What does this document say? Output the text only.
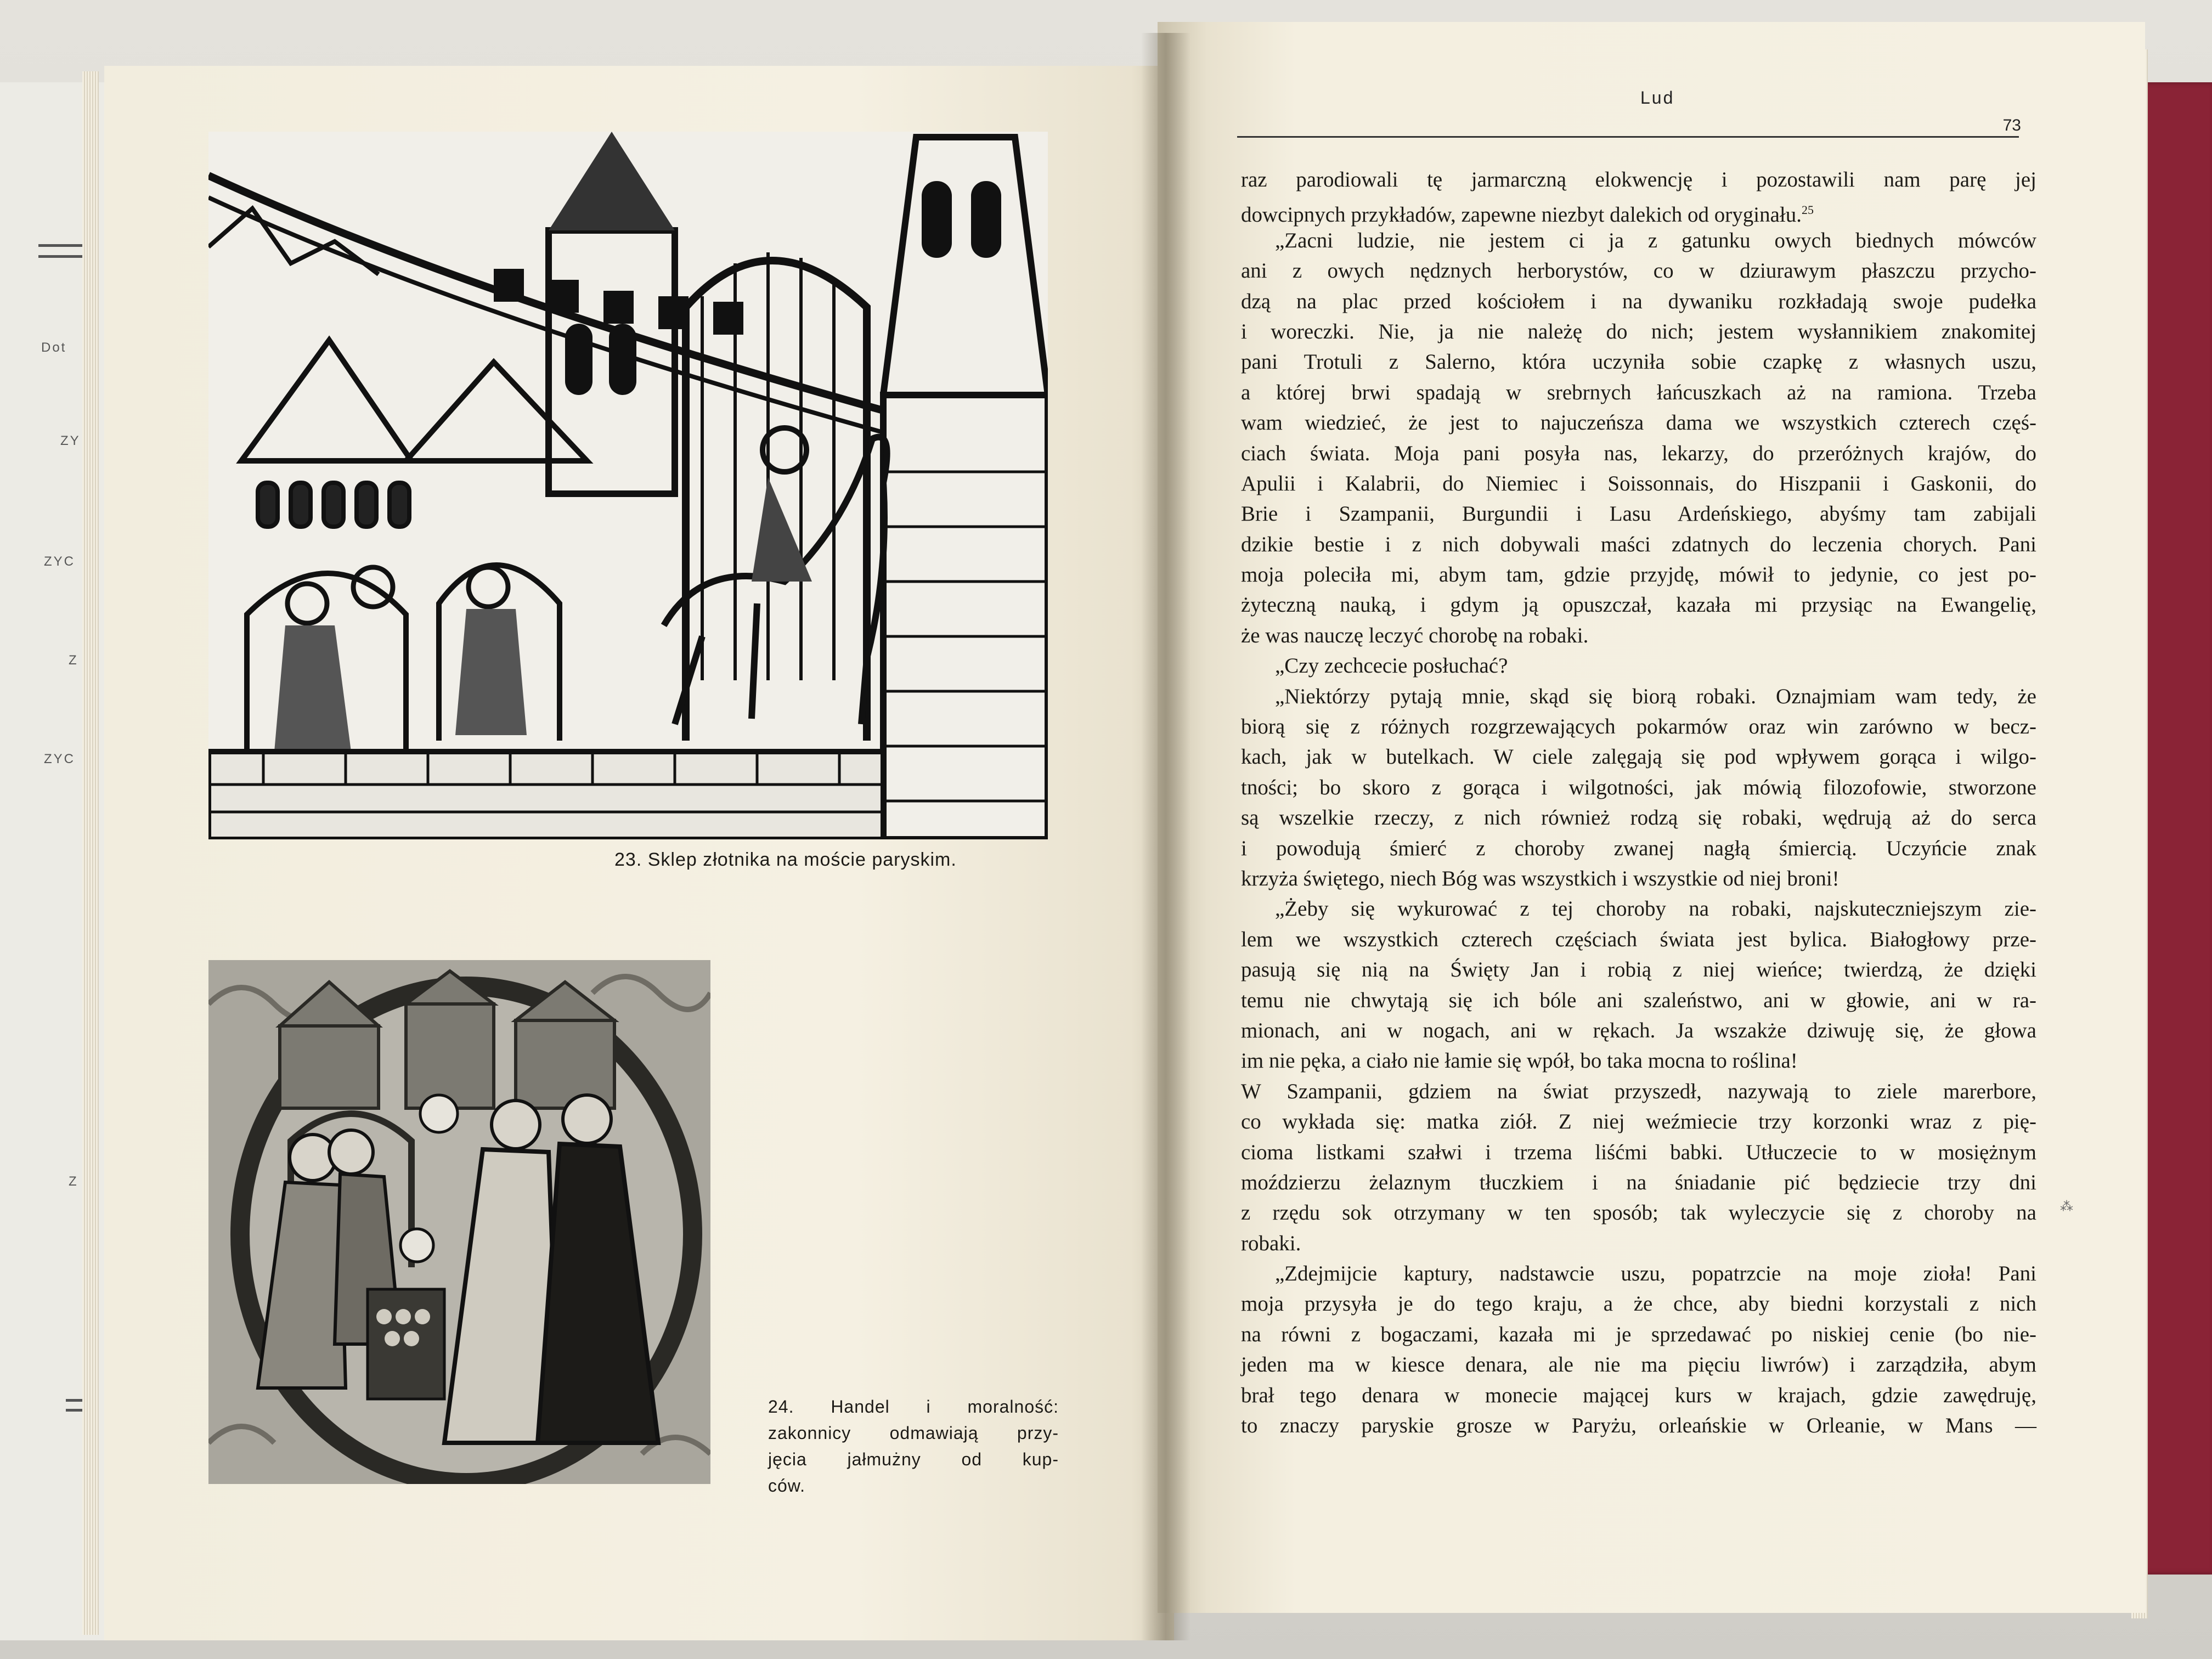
Dot
ZY
ZYC
Z
ZYC
Z
23. Sklep złotnika na moście paryskim.
24. Handel i moralność:
zakonnicy odmawiają przy-
jęcia jałmużny od kup-
ców.
Lud
73
raz parodiowali tę jarmarczną elokwencję i pozostawili nam parę jej
dowcipnych przykładów, zapewne niezbyt dalekich od oryginału.$^{25}$
„Zacni ludzie, nie jestem ci ja z gatunku owych biednych mówców
ani z owych nędznych herborystów, co w dziurawym płaszczu przycho-
dzą na plac przed kościołem i na dywaniku rozkładają swoje pudełka
i woreczki. Nie, ja nie należę do nich; jestem wysłannikiem znakomitej
pani Trotuli z Salerno, która uczyniła sobie czapkę z własnych uszu,
a której brwi spadają w srebrnych łańcuszkach aż na ramiona. Trzeba
wam wiedzieć, że jest to najuczeńsza dama we wszystkich czterech częś-
ciach świata. Moja pani posyła nas, lekarzy, do przeróżnych krajów, do
Apulii i Kalabrii, do Niemiec i Soissonnais, do Hiszpanii i Gaskonii, do
Brie i Szampanii, Burgundii i Lasu Ardeńskiego, abyśmy tam zabijali
dzikie bestie i z nich dobywali maści zdatnych do leczenia chorych. Pani
moja poleciła mi, abym tam, gdzie przyjdę, mówił to jedynie, co jest po-
żyteczną nauką, i gdym ją opuszczał, kazała mi przysiąc na Ewangelię,
że was nauczę leczyć chorobę na robaki.
„Czy zechcecie posłuchać?
„Niektórzy pytają mnie, skąd się biorą robaki. Oznajmiam wam tedy, że
biorą się z różnych rozgrzewających pokarmów oraz win zarówno w becz-
kach, jak w butelkach. W ciele zalęgają się pod wpływem gorąca i wilgo-
tności; bo skoro z gorąca i wilgotności, jak mówią filozofowie, stworzone
są wszelkie rzeczy, z nich również rodzą się robaki, wędrują aż do serca
i powodują śmierć z choroby zwanej nagłą śmiercią. Uczyńcie znak
krzyża świętego, niech Bóg was wszystkich i wszystkie od niej broni!
„Żeby się wykurować z tej choroby na robaki, najskuteczniejszym zie-
lem we wszystkich czterech częściach świata jest bylica. Białogłowy prze-
pasują się nią na Święty Jan i robią z niej wieńce; twierdzą, że dzięki
temu nie chwytają się ich bóle ani szaleństwo, ani w głowie, ani w ra-
mionach, ani w nogach, ani w rękach. Ja wszakże dziwuję się, że głowa
im nie pęka, a ciało nie łamie się wpół, bo taka mocna to roślina!
W Szampanii, gdziem na świat przyszedł, nazywają to ziele marerbore,
co wykłada się: matka ziół. Z niej weźmiecie trzy korzonki wraz z pię-
cioma listkami szałwi i trzema liśćmi babki. Utłuczecie to w mosiężnym
moździerzu żelaznym tłuczkiem i na śniadanie pić będziecie trzy dni
z rzędu sok otrzymany w ten sposób; tak wyleczycie się z choroby na
robaki.
„Zdejmijcie kaptury, nadstawcie uszu, popatrzcie na moje zioła! Pani
moja przysyła je do tego kraju, a że chce, aby biedni korzystali z nich
na równi z bogaczami, kazała mi je sprzedawać po niskiej cenie (bo nie-
jeden ma w kiesce denara, ale nie ma pięciu liwrów) i zarządziła, abym
brał tego denara w monecie mającej kurs w krajach, gdzie zawędruję,
to znaczy paryskie grosze w Paryżu, orleańskie w Orleanie, w Mans —
